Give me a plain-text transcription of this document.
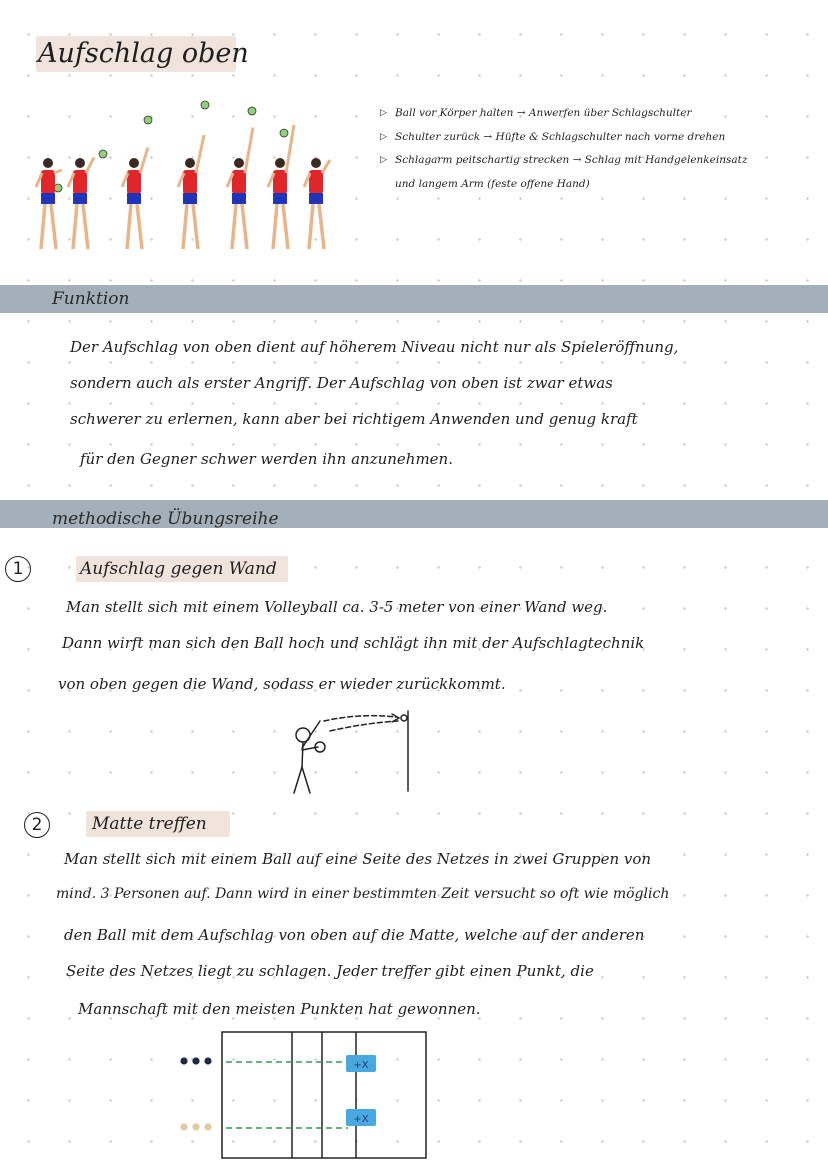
Aufschlag oben
▷ Ball vor Körper halten → Anwerfen über Schlagschulter
▷ Schulter zurück → Hüfte & Schlagschulter nach vorne drehen
▷ Schlagarm peitschartig strecken → Schlag mit Handgelenkeinsatz
und langem Arm (feste offene Hand)
Funktion
Der Aufschlag von oben dient auf höherem Niveau nicht nur als Spieleröffnung,
sondern auch als erster Angriff. Der Aufschlag von oben ist zwar etwas
schwerer zu erlernen, kann aber bei richtigem Anwenden und genug kraft
für den Gegner schwer werden ihn anzunehmen.
methodische Übungsreihe
1	Aufschlag gegen Wand
Man stellt sich mit einem Volleyball ca. 3-5 meter von einer Wand weg.
Dann wirft man sich den Ball hoch und schlägt ihn mit der Aufschlagtechnik
von oben gegen die Wand, sodass er wieder zurückkommt.
2	Matte treffen
Man stellt sich mit einem Ball auf eine Seite des Netzes in zwei Gruppen von
mind. 3 Personen auf. Dann wird in einer bestimmten Zeit versucht so oft wie möglich
den Ball mit dem Aufschlag von oben auf die Matte, welche auf der anderen
Seite des Netzes liegt zu schlagen. Jeder treffer gibt einen Punkt, die
Mannschaft mit den meisten Punkten hat gewonnen.
+X
+X
